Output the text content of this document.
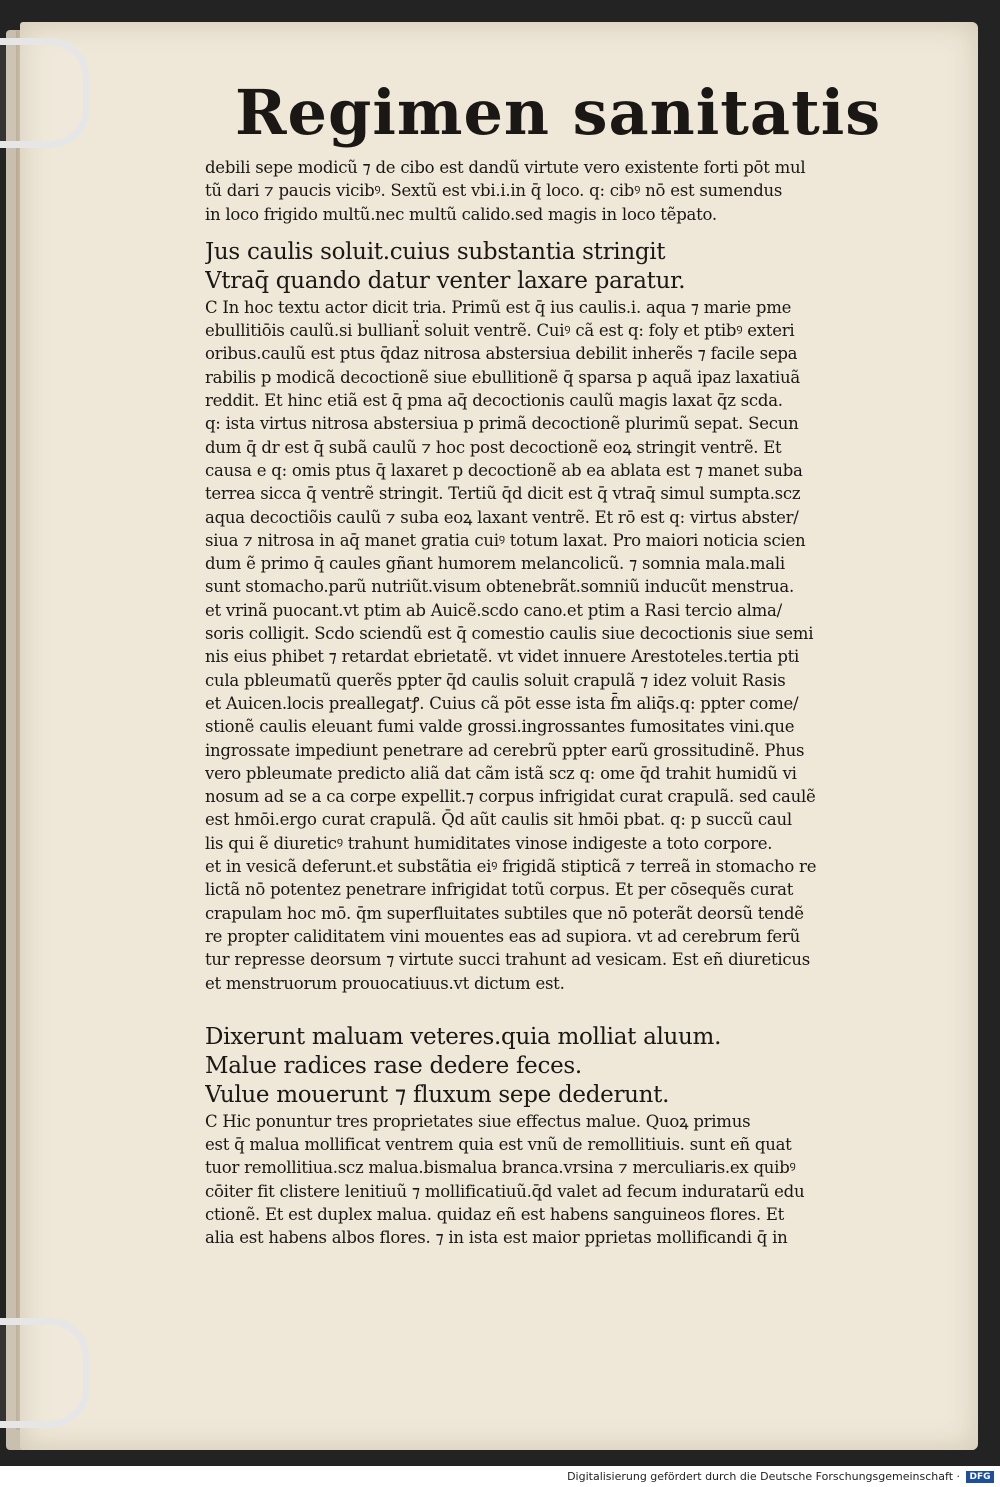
Regimen sanitatis
debili sepe modicũ ⁊ de cibo est dandũ virtute vero existente forti pōt mul
tũ dari ⁊ paucis vicibꝰ. Sextũ est vbi.i.in q̄ loco. q: cibꝰ nō est sumendus
in loco frigido multũ.nec multũ calido.sed magis in loco tẽpato.
Jus caulis soluit.cuius substantia stringit
Vtraq̄ quando datur venter laxare paratur.
C In hoc textu actor dicit tria. Primũ est q̄ ius caulis.i. aqua ⁊ marie pme
ebullitiōis caulũ.si bullianẗ soluit ventrẽ. Cuiꝰ cã est q: foly et ptibꝰ exteri
oribus.caulũ est ptus q̄daz nitrosa abstersiua debilit inherẽs ⁊ facile sepa
rabilis p modicã decoctionẽ siue ebullitionẽ q̄ sparsa p aquã ipaz laxatiuã
reddit. Et hinc etiã est q̄ pma aq̄ decoctionis caulũ magis laxat q̄z scda.
q: ista virtus nitrosa abstersiua p primã decoctionẽ plurimũ sepat. Secun
dum q̄ dr est q̄ subã caulũ ⁊ hoc post decoctionẽ eoꝝ stringit ventrẽ. Et
causa e q: omis ptus q̄ laxaret p decoctionẽ ab ea ablata est ⁊ manet suba
terrea sicca q̄ ventrẽ stringit. Tertiũ q̄d dicit est q̄ vtraq̄ simul sumpta.scz
aqua decoctiõis caulũ ⁊ suba eoꝝ laxant ventrẽ. Et rō est q: virtus abster/
siua ⁊ nitrosa in aq̄ manet gratia cuiꝰ totum laxat. Pro maiori noticia scien
dum ẽ primo q̄ caules gñant humorem melancolicũ. ⁊ somnia mala.mali
sunt stomacho.parũ nutriũt.visum obtenebrãt.somniũ inducũt menstrua.
et vrinã puocant.vt ptim ab Auicẽ.scdo cano.et ptim a Rasi tercio alma/
soris colligit. Scdo sciendũ est q̄ comestio caulis siue decoctionis siue semi
nis eius phibet ⁊ retardat ebrietatẽ. vt videt innuere Arestoteles.tertia pti
cula pbleumatũ querẽs ppter q̄d caulis soluit crapulã ⁊ idez voluit Rasis
et Auicen.locis preallegatꝭ. Cuius cã pōt esse ista f̄m aliq̄s.q: ppter come/
stionẽ caulis eleuant fumi valde grossi.ingrossantes fumositates vini.que
ingrossate impediunt penetrare ad cerebrũ ppter earũ grossitudinẽ. Phus
vero pbleumate predicto aliã dat cãm istã scz q: ome q̄d trahit humidũ vi
nosum ad se a ca corpe expellit.⁊ corpus infrigidat curat crapulã. sed caulẽ
est hmōi.ergo curat crapulã. Q̄d aũt caulis sit hmōi pbat. q: p succũ caul
lis qui ẽ diureticꝰ trahunt humiditates vinose indigeste a toto corpore.
et in vesicã deferunt.et substãtia eiꝰ frigidã stipticã ⁊ terreã in stomacho re
lictã nō potentez penetrare infrigidat totũ corpus. Et per cōsequẽs curat
crapulam hoc mō. q̄m superfluitates subtiles que nō poterãt deorsũ tendẽ
re propter caliditatem vini mouentes eas ad supiora. vt ad cerebrum ferũ
tur represse deorsum ⁊ virtute succi trahunt ad vesicam. Est eñ diureticus
et menstruorum prouocatiuus.vt dictum est.
Dixerunt maluam veteres.quia molliat aluum.
Malue radices rase dedere feces.
Vulue mouerunt ⁊ fluxum sepe dederunt.
C Hic ponuntur tres proprietates siue effectus malue. Quoꝝ primus
est q̄ malua mollificat ventrem quia est vnũ de remollitiuis. sunt eñ quat
tuor remollitiua.scz malua.bismalua branca.vrsina ⁊ merculiaris.ex quibꝰ
cōiter fit clistere lenitiuũ ⁊ mollificatiuũ.q̄d valet ad fecum induratarũ edu
ctionẽ. Et est duplex malua. quidaz eñ est habens sanguineos flores. Et
alia est habens albos flores. ⁊ in ista est maior pprietas mollificandi q̄ in
Digitalisierung gefördert durch die Deutsche Forschungsgemeinschaft ·	DFG
